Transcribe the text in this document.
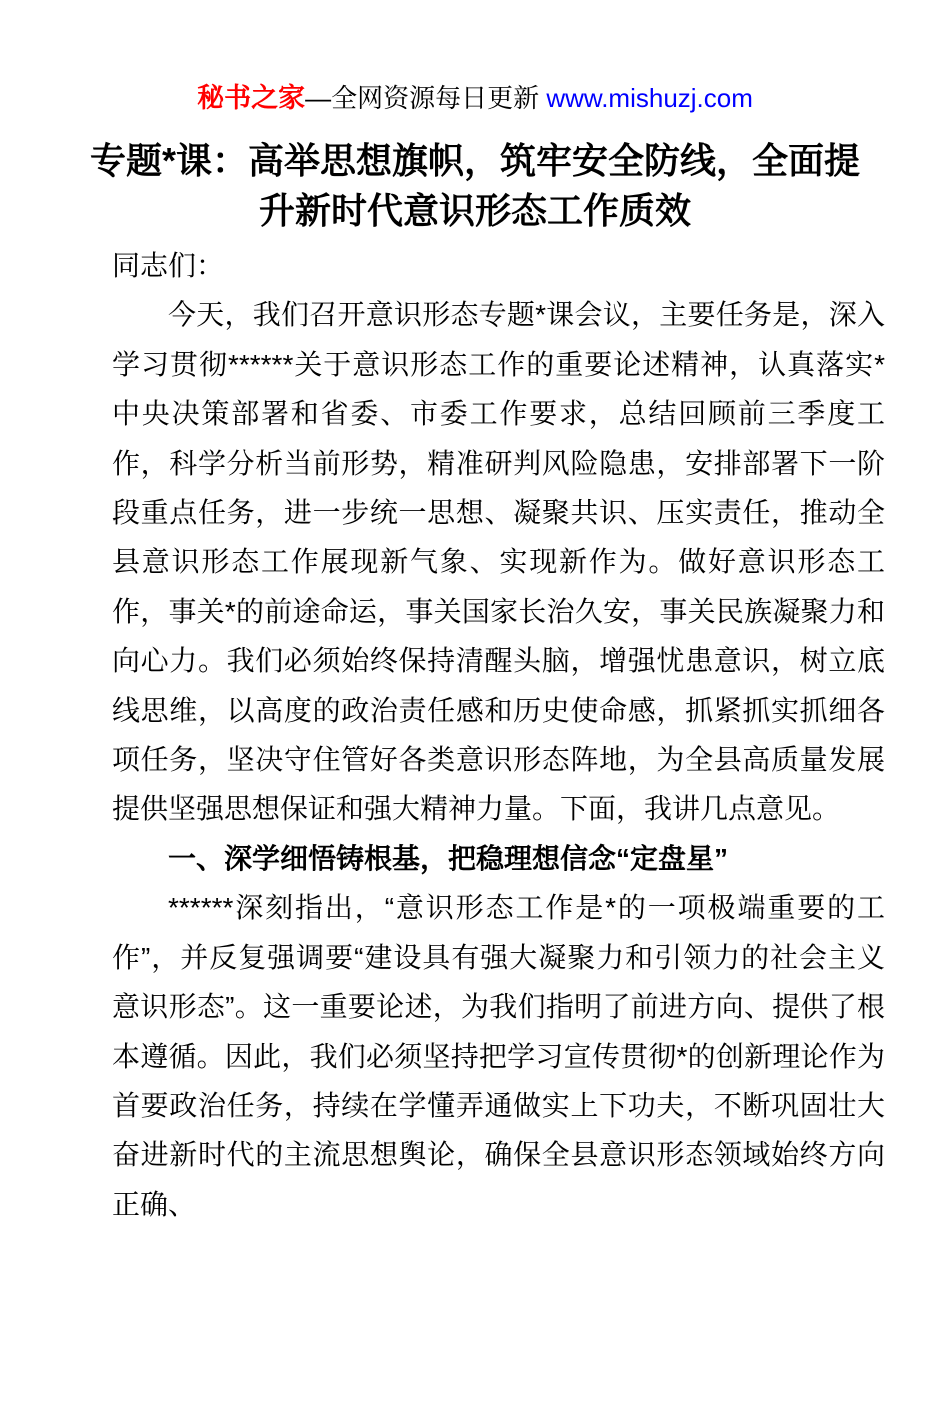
秘书之家—全网资源每日更新 www.mishuzj.com
专题*课：高举思想旗帜，筑牢安全防线，全面提升新时代意识形态工作质效

同志们：

今天，我们召开意识形态专题*课会议，主要任务是，深入学习贯彻******关于意识形态工作的重要论述精神，认真落实*中央决策部署和省委、市委工作要求，总结回顾前三季度工作，科学分析当前形势，精准研判风险隐患，安排部署下一阶段重点任务，进一步统一思想、凝聚共识、压实责任，推动全县意识形态工作展现新气象、实现新作为。做好意识形态工作，事关*的前途命运，事关国家长治久安，事关民族凝聚力和向心力。我们必须始终保持清醒头脑，增强忧患意识，树立底线思维，以高度的政治责任感和历史使命感，抓紧抓实抓细各项任务，坚决守住管好各类意识形态阵地，为全县高质量发展提供坚强思想保证和强大精神力量。下面，我讲几点意见。

一、深学细悟铸根基，把稳理想信念“定盘星”

******深刻指出，“意识形态工作是*的一项极端重要的工作”，并反复强调要“建设具有强大凝聚力和引领力的社会主义意识形态”。这一重要论述，为我们指明了前进方向、提供了根本遵循。因此，我们必须坚持把学习宣传贯彻*的创新理论作为首要政治任务，持续在学懂弄通做实上下功夫，不断巩固壮大奋进新时代的主流思想舆论，确保全县意识形态领域始终方向正确、
